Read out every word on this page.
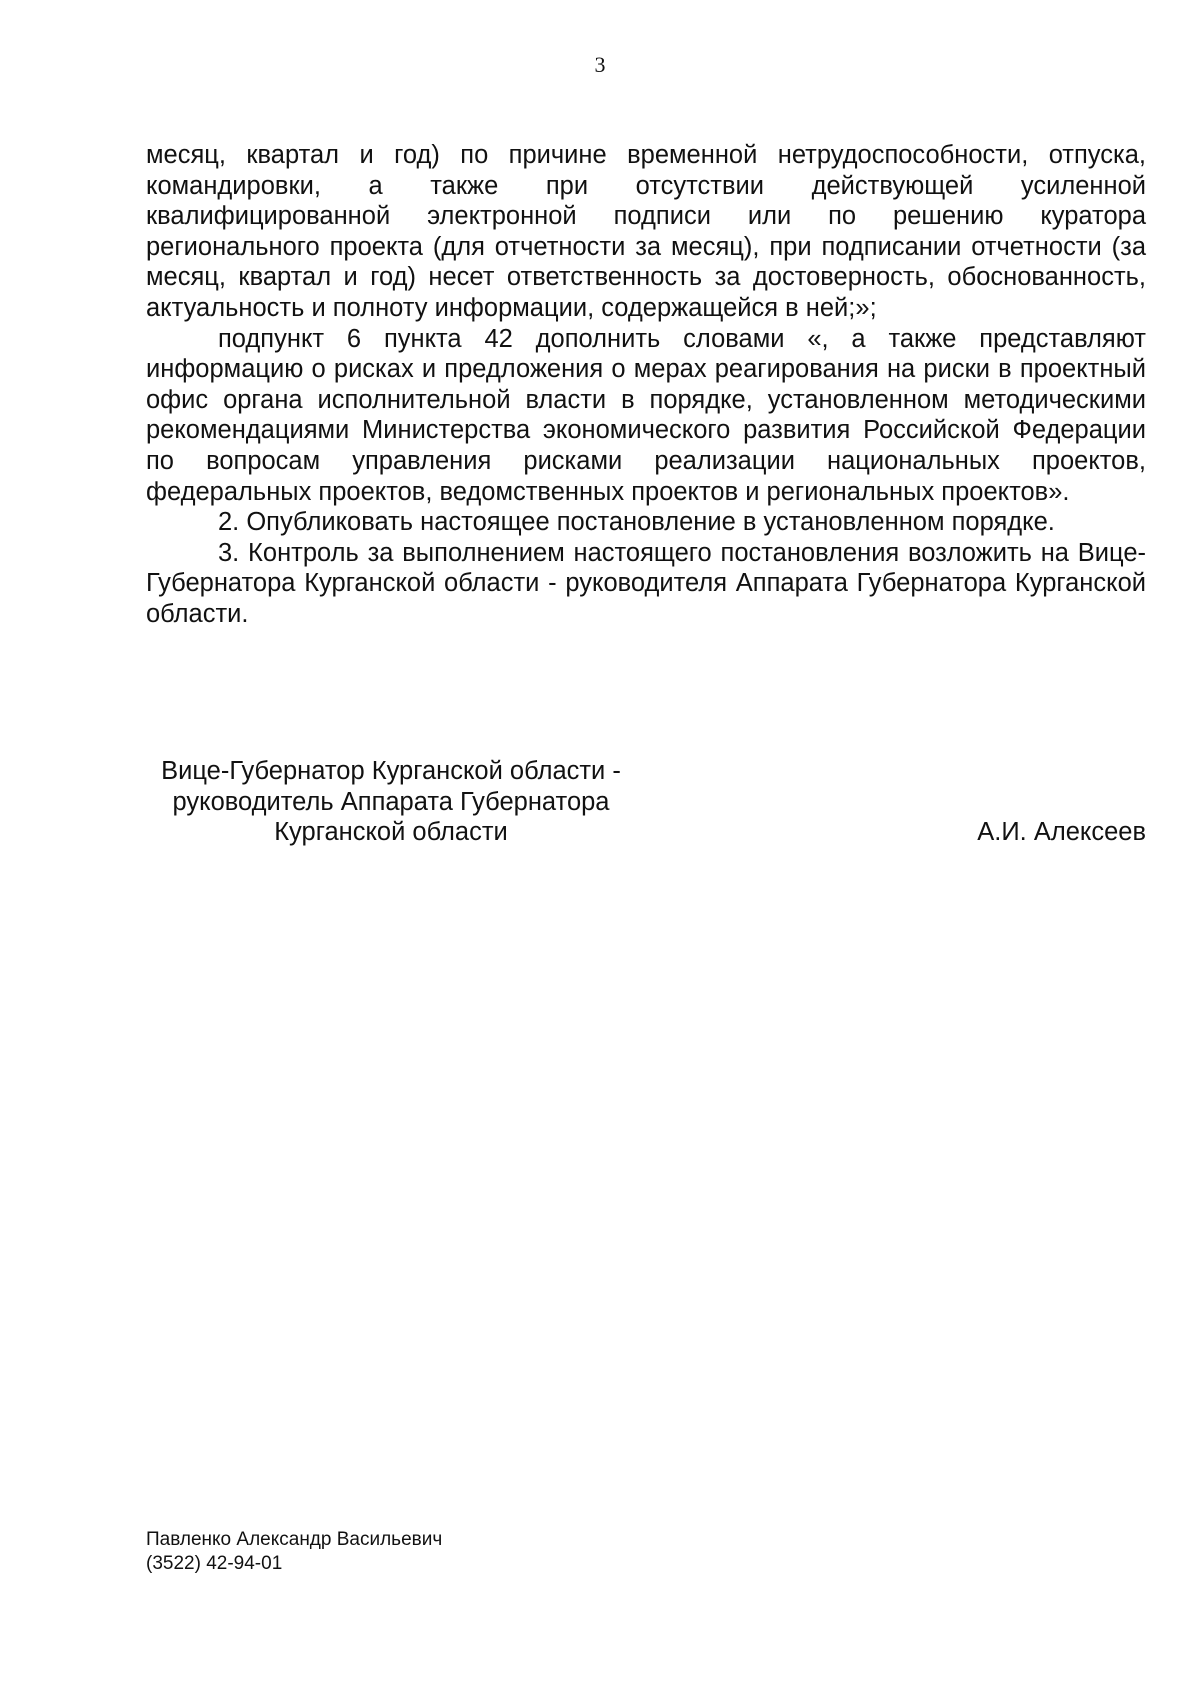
3

месяц, квартал и год) по причине временной нетрудоспособности, отпуска, командировки, а также при отсутствии действующей усиленной квалифицированной электронной подписи или по решению куратора регионального проекта (для отчетности за месяц), при подписании отчетности (за месяц, квартал и год) несет ответственность за достоверность, обоснованность, актуальность и полноту информации, содержащейся в ней;»;

подпункт 6 пункта 42 дополнить словами «, а также представляют информацию о рисках и предложения о мерах реагирования на риски в проектный офис органа исполнительной власти в порядке, установленном методическими рекомендациями Министерства экономического развития Российской Федерации по вопросам управления рисками реализации национальных проектов, федеральных проектов, ведомственных проектов и региональных проектов».

2. Опубликовать настоящее постановление в установленном порядке.

3. Контроль за выполнением настоящего постановления возложить на Вице-Губернатора Курганской области - руководителя Аппарата Губернатора Курганской области.

Вице-Губернатор Курганской области -
руководитель Аппарата Губернатора
Курганской области	А.И. Алексеев
Павленко Александр Васильевич
(3522) 42-94-01
